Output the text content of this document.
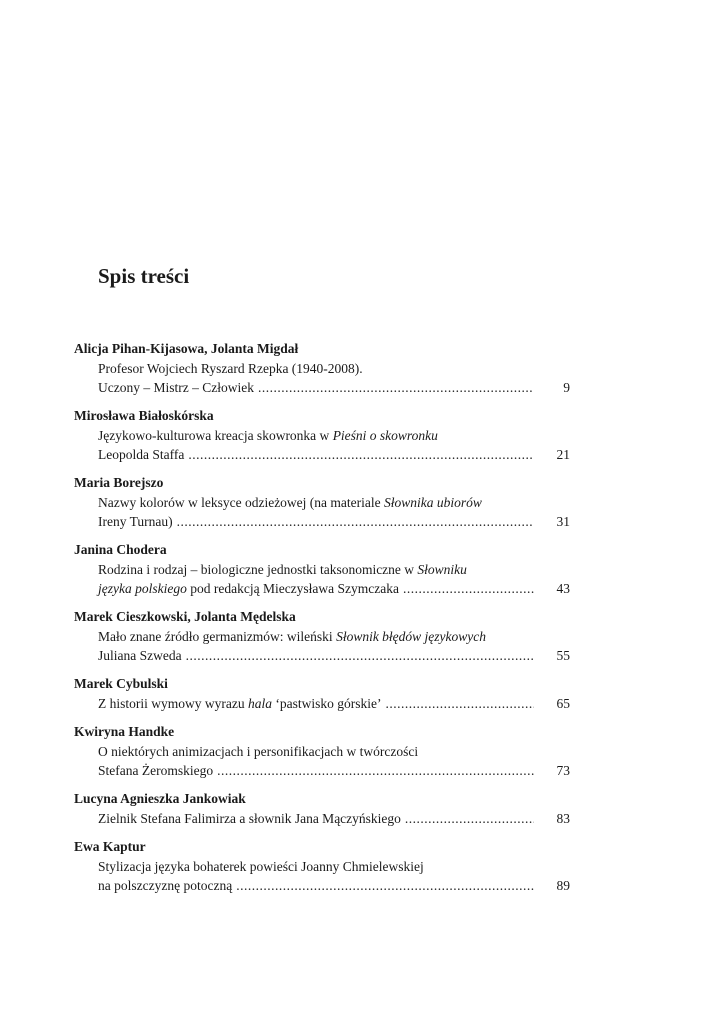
Spis treści
Alicja Pihan-Kijasowa, Jolanta Migdał
Profesor Wojciech Ryszard Rzepka (1940-2008).
Uczony – Mistrz – Człowiek .....	9
Mirosława Białoskórska
Językowo-kulturowa kreacja skowronka w Pieśni o skowronku
Leopolda Staffa .....	21
Maria Borejszo
Nazwy kolorów w leksyce odzieżowej (na materiale Słownika ubiorów
Ireny Turnau) .....	31
Janina Chodera
Rodzina i rodzaj – biologiczne jednostki taksonomiczne w Słowniku
języka polskiego pod redakcją Mieczysława Szymczaka .....	43
Marek Cieszkowski, Jolanta Mędelska
Mało znane źródło germanizmów: wileński Słownik błędów językowych
Juliana Szweda .....	55
Marek Cybulski
Z historii wymowy wyrazu hala ‘pastwisko górskie’ .....	65
Kwiryna Handke
O niektórych animizacjach i personifikacjach w twórczości
Stefana Żeromskiego .....	73
Lucyna Agnieszka Jankowiak
Zielnik Stefana Falimirza a słownik Jana Mączyńskiego .....	83
Ewa Kaptur
Stylizacja języka bohaterek powieści Joanny Chmielewskiej
na polszczyznę potoczną .....	89
